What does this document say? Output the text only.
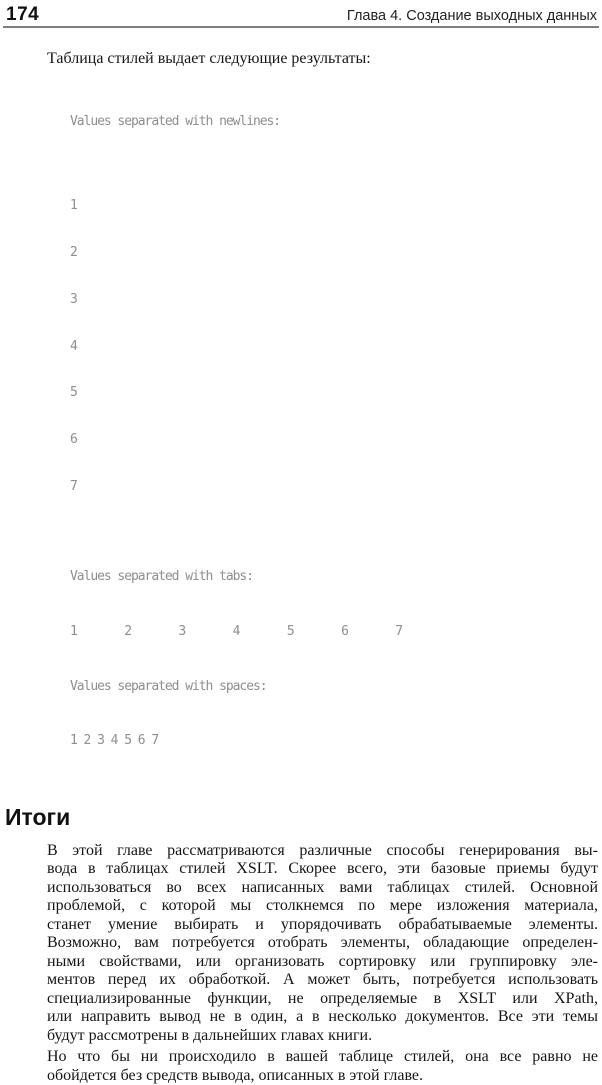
174	Глава 4. Создание выходных данных
Таблица стилей выдает следующие результаты:

Values separated with newlines:

1

2

3

4

5

6

7

Values separated with tabs:

1       2       3       4       5       6       7

Values separated with spaces:

1 2 3 4 5 6 7

Итоги
В этой главе рассматриваются различные способы генерирования вы-
вода в таблицах стилей XSLT. Скорее всего, эти базовые приемы будут
использоваться во всех написанных вами таблицах стилей. Основной
проблемой, с которой мы столкнемся по мере изложения материала,
станет умение выбирать и упорядочивать обрабатываемые элементы.
Возможно, вам потребуется отобрать элементы, обладающие определен-
ными свойствами, или организовать сортировку или группировку эле-
ментов перед их обработкой. А может быть, потребуется использовать
специализированные функции, не определяемые в XSLT или XPath,
или направить вывод не в один, а в несколько документов. Все эти темы
будут рассмотрены в дальнейших главах книги.
Но что бы ни происходило в вашей таблице стилей, она все равно не
обойдется без средств вывода, описанных в этой главе.
